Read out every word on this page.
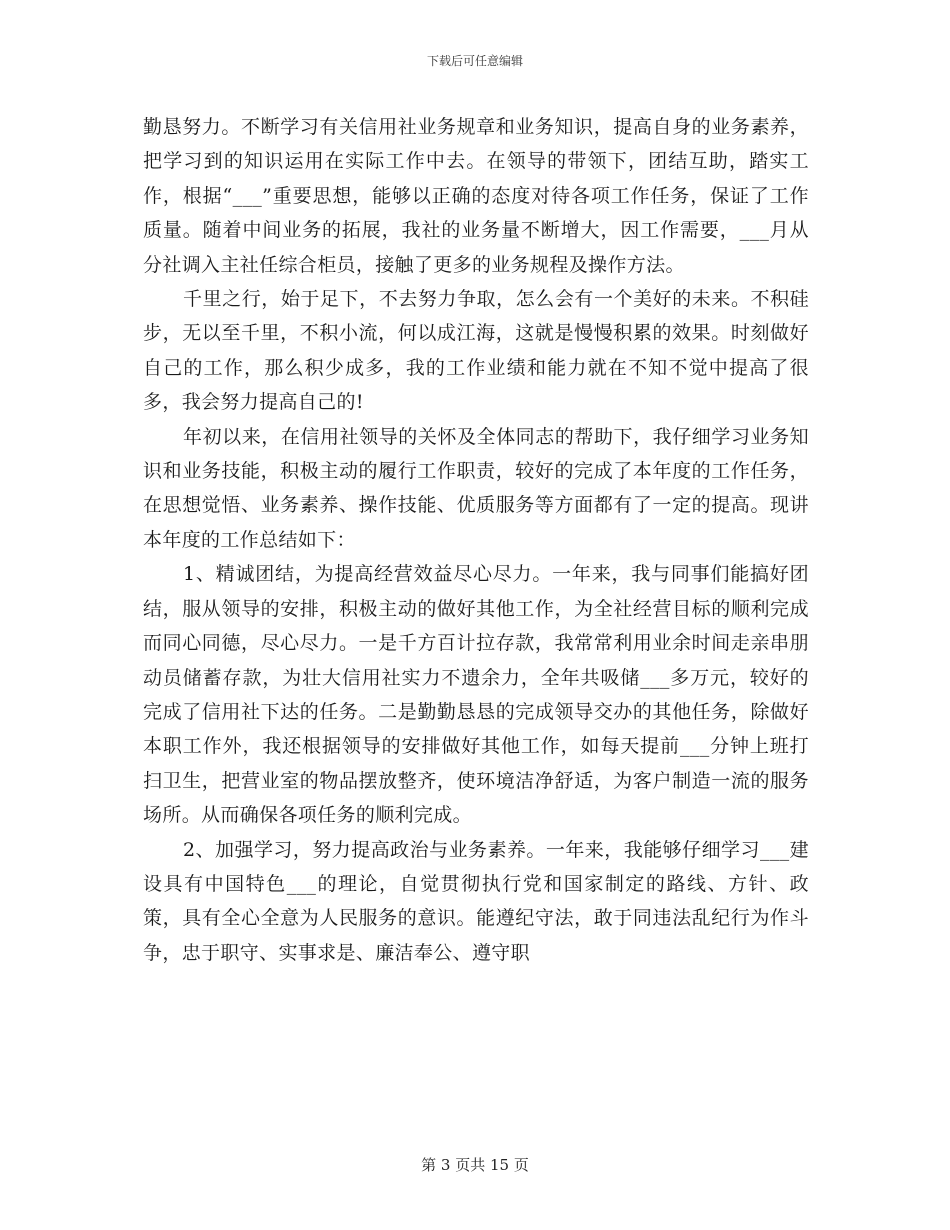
下载后可任意编辑

勤恳努力。不断学习有关信用社业务规章和业务知识，提高自身的业务素养，把学习到的知识运用在实际工作中去。在领导的带领下，团结互助，踏实工作，根据“___”重要思想，能够以正确的态度对待各项工作任务，保证了工作质量。随着中间业务的拓展，我社的业务量不断增大，因工作需要，___月从分社调入主社任综合柜员，接触了更多的业务规程及操作方法。

千里之行，始于足下，不去努力争取，怎么会有一个美好的未来。不积硅步，无以至千里，不积小流，何以成江海，这就是慢慢积累的效果。时刻做好自己的工作，那么积少成多，我的工作业绩和能力就在不知不觉中提高了很多，我会努力提高自己的!

年初以来，在信用社领导的关怀及全体同志的帮助下，我仔细学习业务知识和业务技能，积极主动的履行工作职责，较好的完成了本年度的工作任务，在思想觉悟、业务素养、操作技能、优质服务等方面都有了一定的提高。现讲本年度的工作总结如下：

1、精诚团结，为提高经营效益尽心尽力。一年来，我与同事们能搞好团结，服从领导的安排，积极主动的做好其他工作，为全社经营目标的顺利完成而同心同德，尽心尽力。一是千方百计拉存款，我常常利用业余时间走亲串朋动员储蓄存款，为壮大信用社实力不遗余力，全年共吸储___多万元，较好的完成了信用社下达的任务。二是勤勤恳恳的完成领导交办的其他任务，除做好本职工作外，我还根据领导的安排做好其他工作，如每天提前___分钟上班打扫卫生，把营业室的物品摆放整齐，使环境洁净舒适，为客户制造一流的服务场所。从而确保各项任务的顺利完成。

2、加强学习，努力提高政治与业务素养。一年来，我能够仔细学习___建设具有中国特色___的理论，自觉贯彻执行党和国家制定的路线、方针、政策，具有全心全意为人民服务的意识。能遵纪守法，敢于同违法乱纪行为作斗争，忠于职守、实事求是、廉洁奉公、遵守职

第 3 页共 15 页
